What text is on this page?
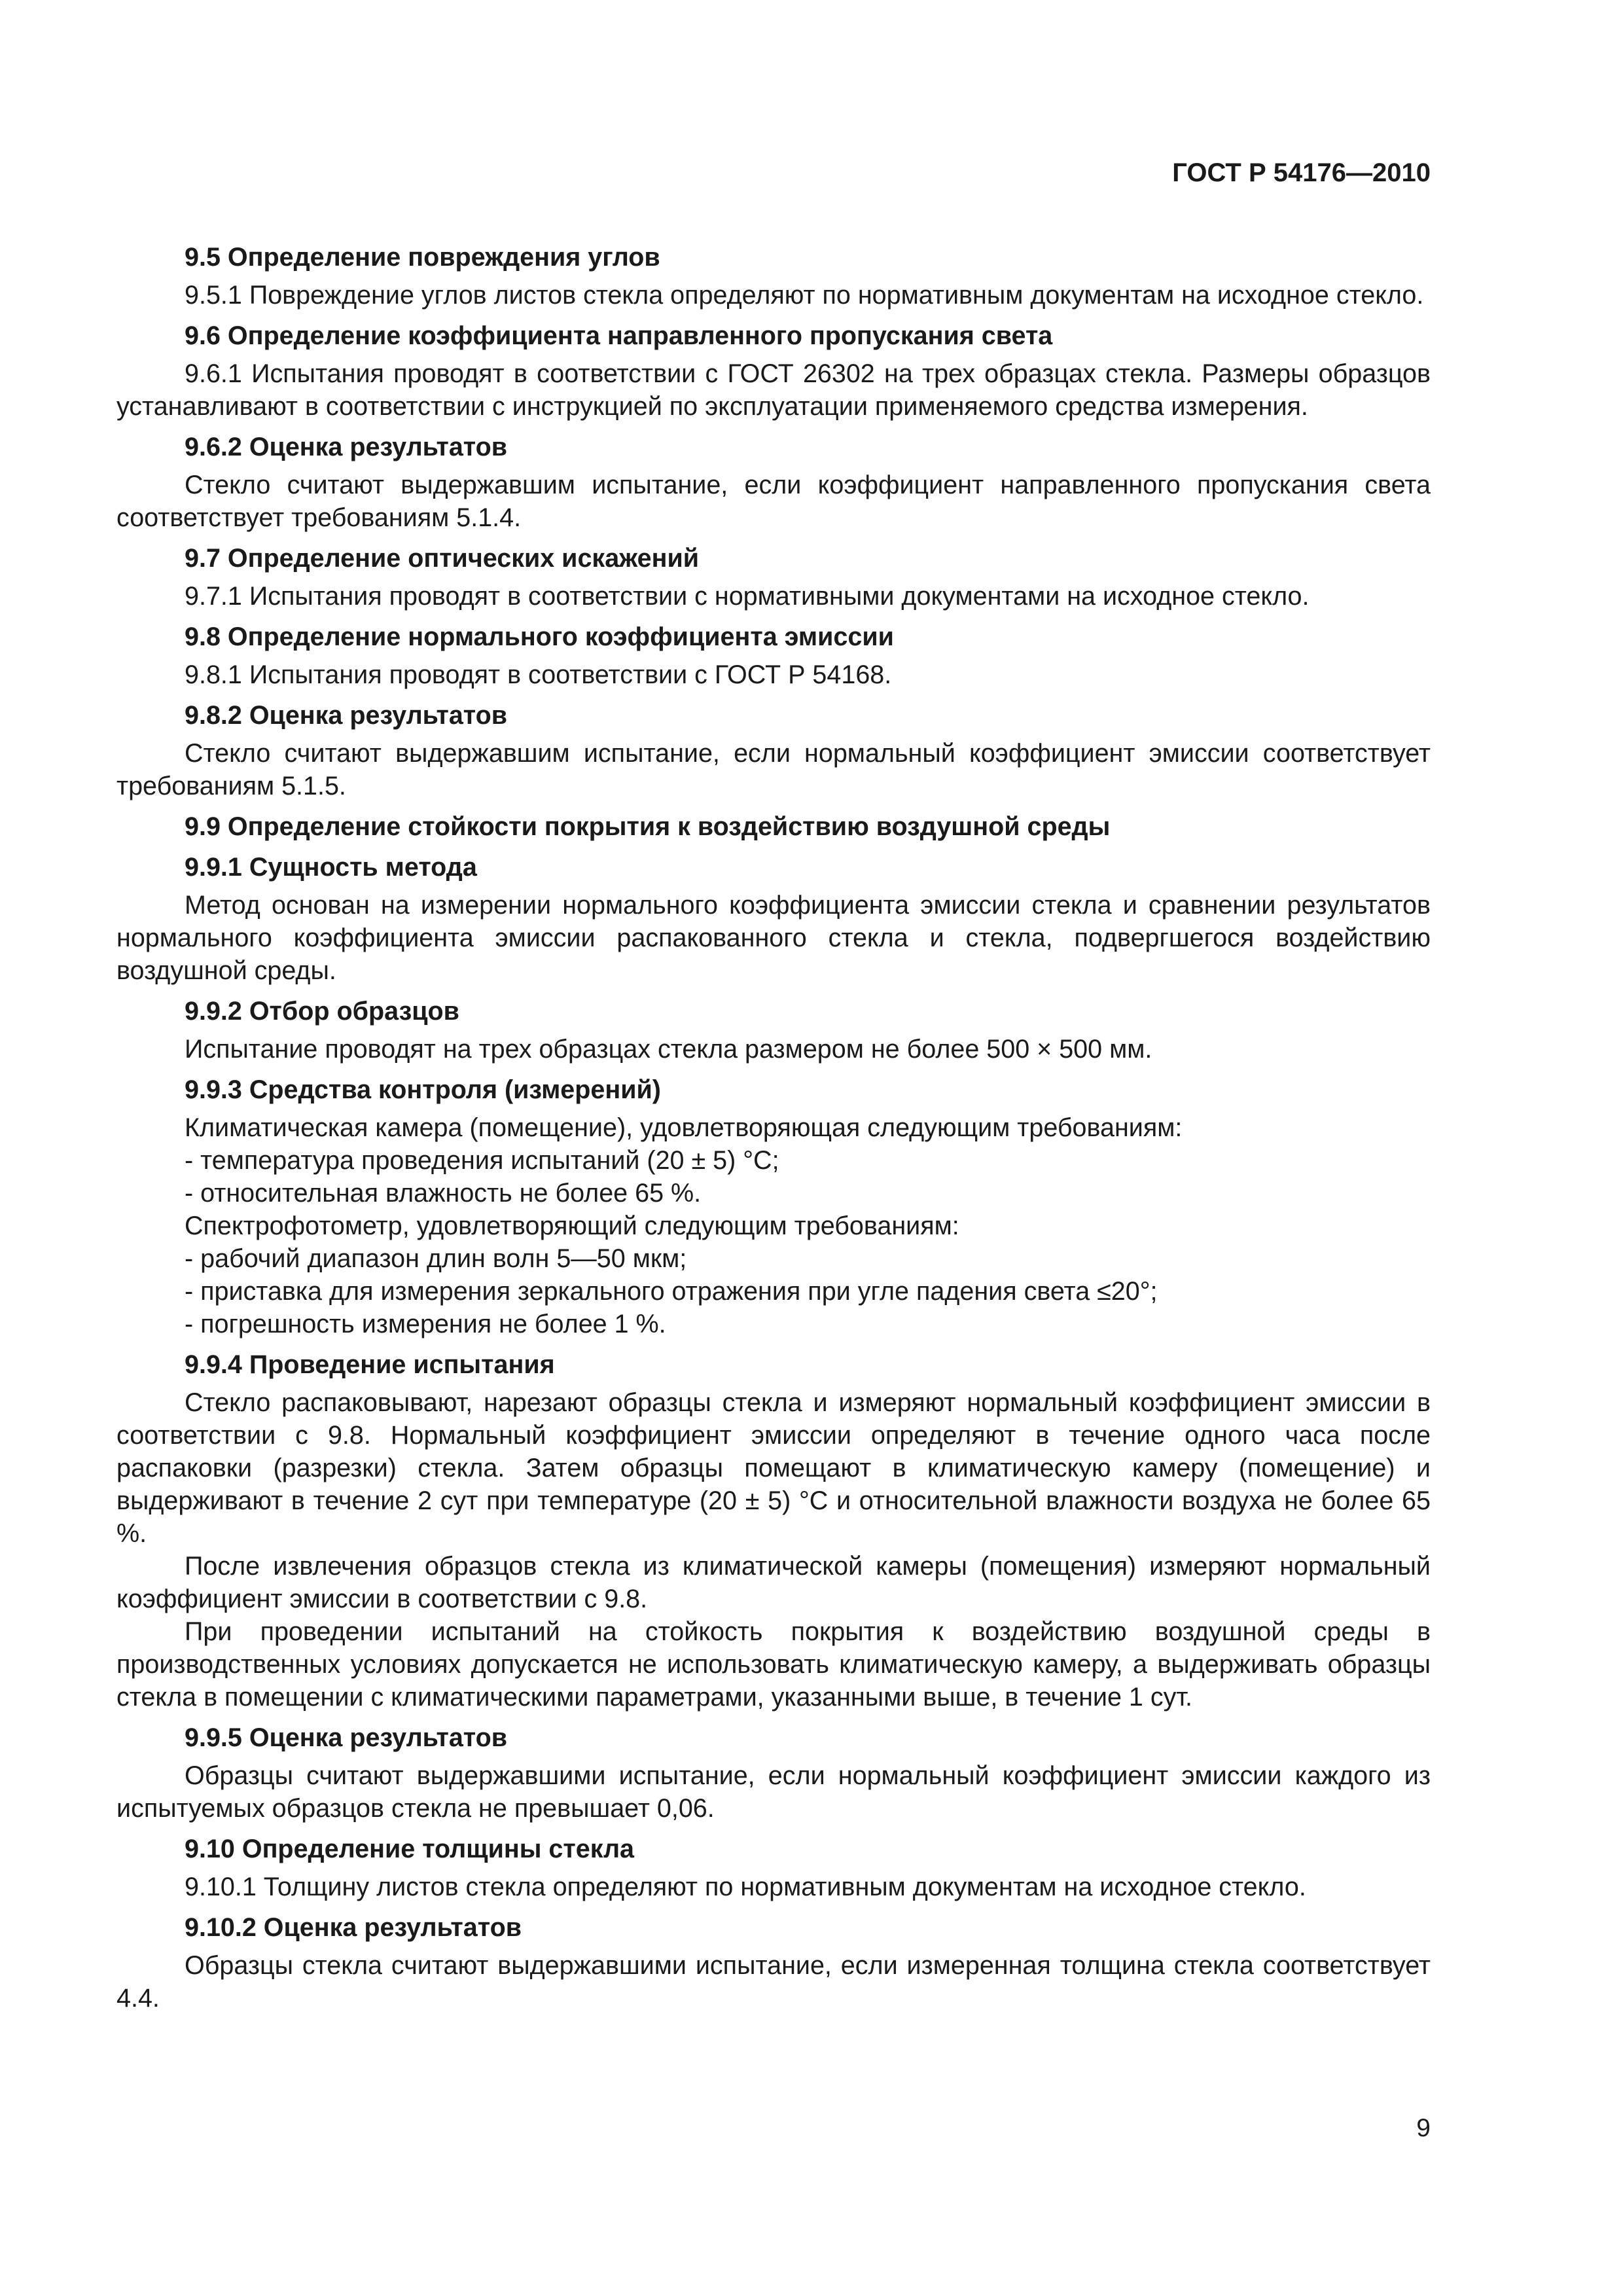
ГОСТ Р 54176—2010

9.5 Определение повреждения углов

9.5.1 Повреждение углов листов стекла определяют по нормативным документам на исходное стекло.

9.6 Определение коэффициента направленного пропускания света

9.6.1 Испытания проводят в соответствии с ГОСТ 26302 на трех образцах стекла. Размеры образцов устанавливают в соответствии с инструкцией по эксплуатации применяемого средства измерения.

9.6.2 Оценка результатов

Стекло считают выдержавшим испытание, если коэффициент направленного пропускания света соответствует требованиям 5.1.4.

9.7 Определение оптических искажений

9.7.1 Испытания проводят в соответствии с нормативными документами на исходное стекло.

9.8 Определение нормального коэффициента эмиссии

9.8.1 Испытания проводят в соответствии с ГОСТ Р 54168.

9.8.2 Оценка результатов

Стекло считают выдержавшим испытание, если нормальный коэффициент эмиссии соответствует требованиям 5.1.5.

9.9 Определение стойкости покрытия к воздействию воздушной среды

9.9.1 Сущность метода

Метод основан на измерении нормального коэффициента эмиссии стекла и сравнении результатов нормального коэффициента эмиссии распакованного стекла и стекла, подвергшегося воздействию воздушной среды.

9.9.2 Отбор образцов

Испытание проводят на трех образцах стекла размером не более 500 × 500 мм.

9.9.3 Средства контроля (измерений)

Климатическая камера (помещение), удовлетворяющая следующим требованиям:

- температура проведения испытаний (20 ± 5) °С;

- относительная влажность не более 65 %.

Спектрофотометр, удовлетворяющий следующим требованиям:

- рабочий диапазон длин волн 5—50 мкм;

- приставка для измерения зеркального отражения при угле падения света ≤20°;

- погрешность измерения не более 1 %.

9.9.4 Проведение испытания

Стекло распаковывают, нарезают образцы стекла и измеряют нормальный коэффициент эмиссии в соответствии с 9.8. Нормальный коэффициент эмиссии определяют в течение одного часа после распаковки (разрезки) стекла. Затем образцы помещают в климатическую камеру (помещение) и выдерживают в течение 2 сут при температуре (20 ± 5) °С и относительной влажности воздуха не более 65 %.

После извлечения образцов стекла из климатической камеры (помещения) измеряют нормальный коэффициент эмиссии в соответствии с 9.8.

При проведении испытаний на стойкость покрытия к воздействию воздушной среды в производственных условиях допускается не использовать климатическую камеру, а выдерживать образцы стекла в помещении с климатическими параметрами, указанными выше, в течение 1 сут.

9.9.5 Оценка результатов

Образцы считают выдержавшими испытание, если нормальный коэффициент эмиссии каждого из испытуемых образцов стекла не превышает 0,06.

9.10 Определение толщины стекла

9.10.1 Толщину листов стекла определяют по нормативным документам на исходное стекло.

9.10.2 Оценка результатов

Образцы стекла считают выдержавшими испытание, если измеренная толщина стекла соответствует 4.4.

9
